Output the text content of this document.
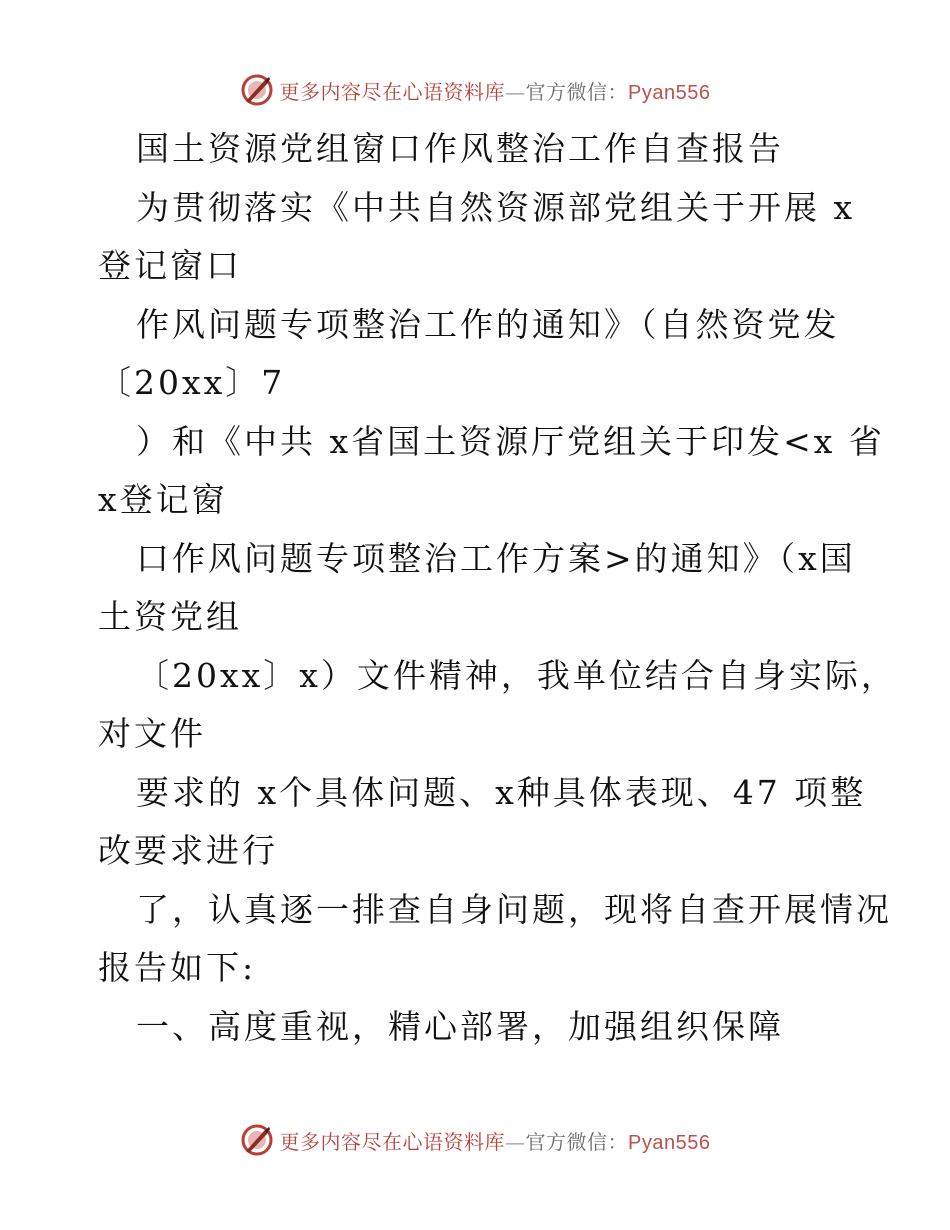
更多内容尽在心语资料库—官方微信：Pyan556
国土资源党组窗口作风整治工作自查报告
为贯彻落实《中共自然资源部党组关于开展 x
登记窗口
作风问题专项整治工作的通知》（自然资党发
〔20xx〕7
）和《中共 x省国土资源厅党组关于印发<x 省
x登记窗
口作风问题专项整治工作方案>的通知》（x国
土资党组
〔20xx〕x）文件精神，我单位结合自身实际，
对文件
要求的 x个具体问题、x种具体表现、47 项整
改要求进行
了，认真逐一排查自身问题，现将自查开展情况
报告如下:
一、高度重视，精心部署，加强组织保障
更多内容尽在心语资料库—官方微信：Pyan556
